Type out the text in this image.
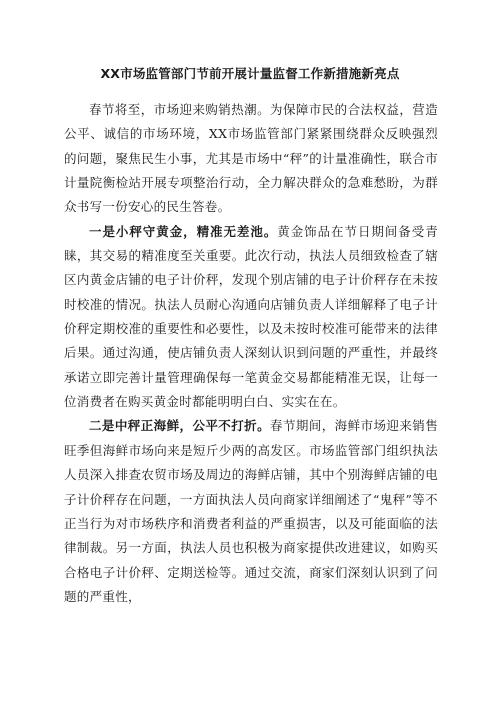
XX市场监管部门节前开展计量监督工作新措施新亮点

春节将至，市场迎来购销热潮。为保障市民的合法权益，营造公平、诚信的市场环境，XX市场监管部门紧紧围绕群众反映强烈的问题，聚焦民生小事，尤其是市场中“秤”的计量准确性，联合市计量院衡检站开展专项整治行动，全力解决群众的急难愁盼，为群众书写一份安心的民生答卷。

一是小秤守黄金，精准无差池。黄金饰品在节日期间备受青睐，其交易的精准度至关重要。此次行动，执法人员细致检查了辖区内黄金店铺的电子计价秤，发现个别店铺的电子计价秤存在未按时校准的情况。执法人员耐心沟通向店铺负责人详细解释了电子计价秤定期校准的重要性和必要性，以及未按时校准可能带来的法律后果。通过沟通，使店铺负责人深刻认识到问题的严重性，并最终承诺立即完善计量管理确保每一笔黄金交易都能精准无误，让每一位消费者在购买黄金时都能明明白白、实实在在。

二是中秤正海鲜，公平不打折。春节期间，海鲜市场迎来销售旺季但海鲜市场向来是短斤少两的高发区。市场监管部门组织执法人员深入排查农贸市场及周边的海鲜店铺，其中个别海鲜店铺的电子计价秤存在问题，一方面执法人员向商家详细阐述了“鬼秤”等不正当行为对市场秩序和消费者利益的严重损害，以及可能面临的法律制裁。另一方面，执法人员也积极为商家提供改进建议，如购买合格电子计价秤、定期送检等。通过交流，商家们深刻认识到了问题的严重性，
